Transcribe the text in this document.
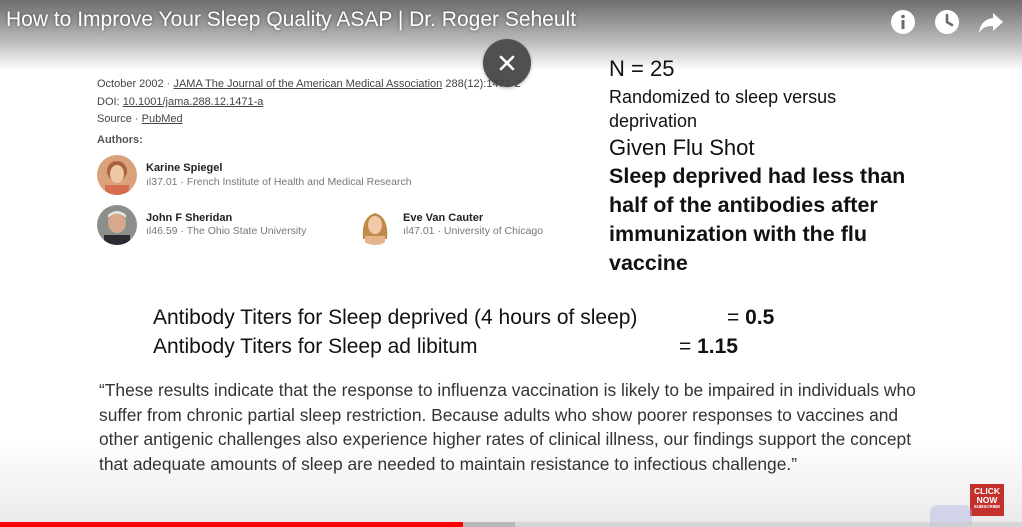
How to Improve Your Sleep Quality ASAP | Dr. Roger Seheult
October 2002 · JAMA The Journal of the American Medical Association 288(12):1471-2
DOI: 10.1001/jama.288.12.1471-a
Source · PubMed
Authors:
Karine Spiegel
ıl37.01 · French Institute of Health and Medical Research
John F Sheridan
ıl46.59 · The Ohio State University
Eve Van Cauter
ıl47.01 · University of Chicago
N = 25
Randomized to sleep versus
deprivation
Given Flu Shot
Sleep deprived had less than
half of the antibodies after
immunization with the flu
vaccine
Antibody Titers for Sleep deprived (4 hours of sleep)	= 0.5
Antibody Titers for Sleep ad libitum	= 1.15
“These results indicate that the response to influenza vaccination is likely to be impaired in individuals who suffer from chronic partial sleep restriction. Because adults who show poorer responses to vaccines and other antigenic challenges also experience higher rates of clinical illness, our findings support the concept that adequate amounts of sleep are needed to maintain resistance to infectious challenge.”
CLICK
NOW
SUBSCRIBE
